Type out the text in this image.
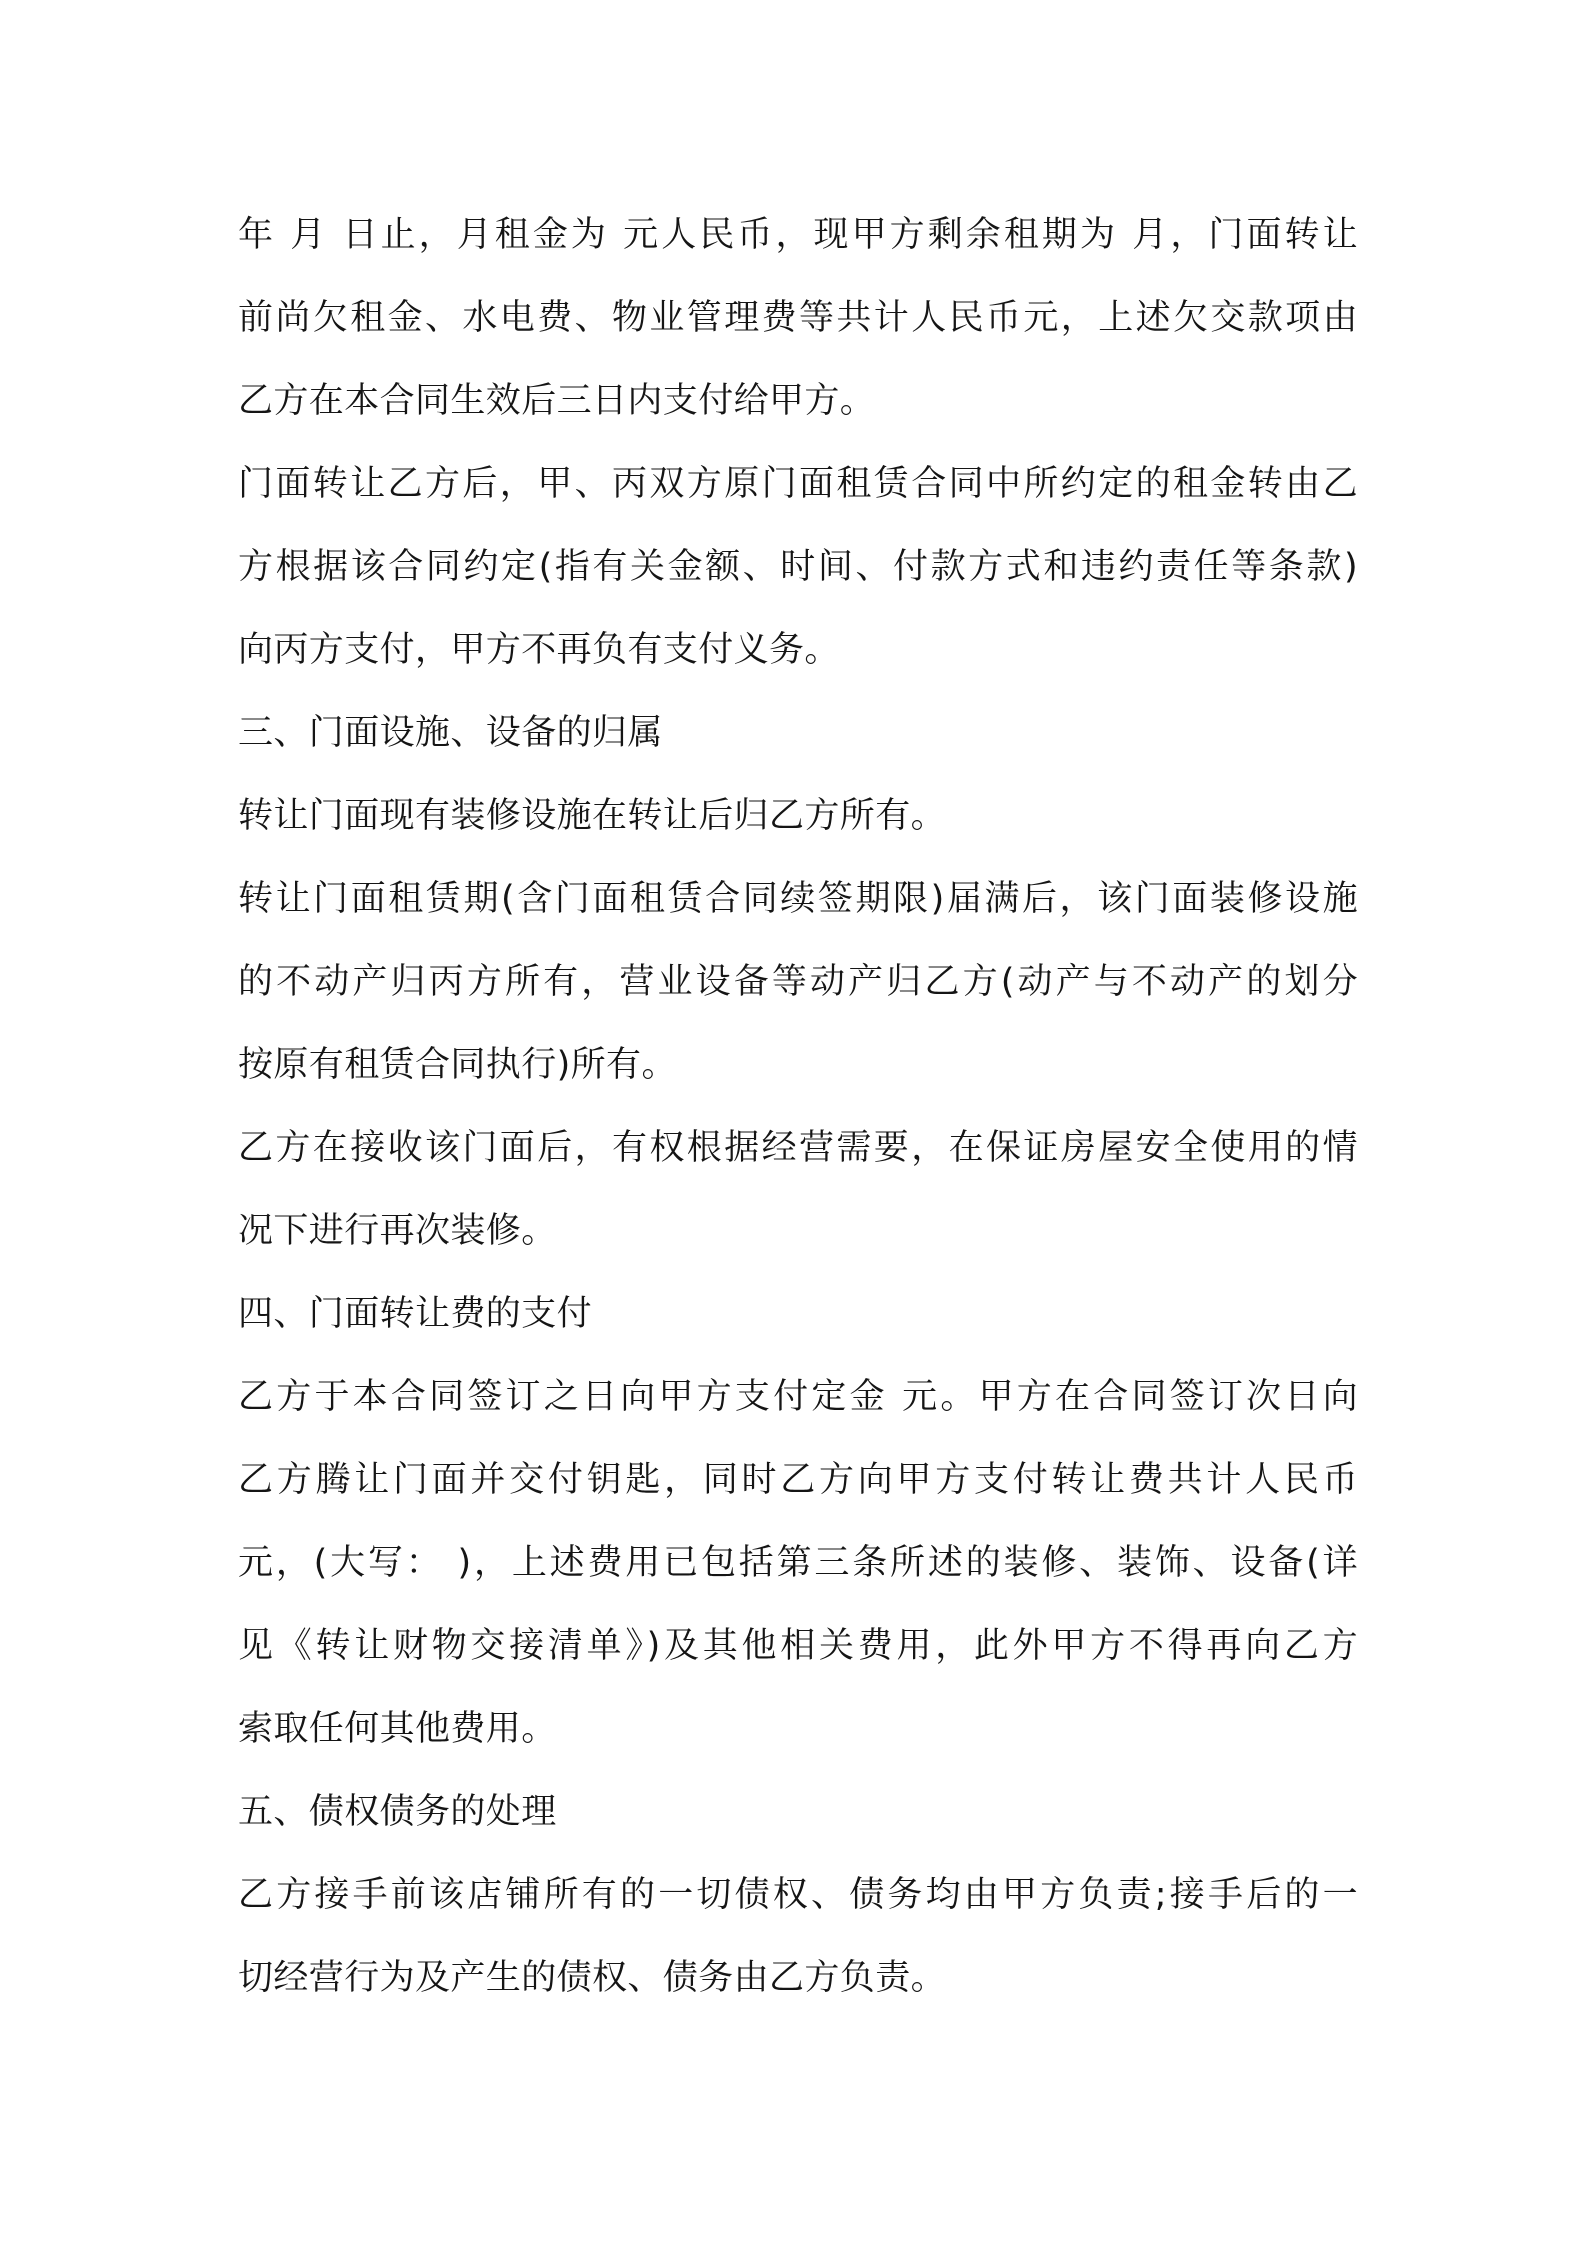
年 月 日止，月租金为 元人民币，现甲方剩余租期为 月，门面转让
前尚欠租金、水电费、物业管理费等共计人民币元，上述欠交款项由
乙方在本合同生效后三日内支付给甲方。
门面转让乙方后，甲、丙双方原门面租赁合同中所约定的租金转由乙
方根据该合同约定(指有关金额、时间、付款方式和违约责任等条款)
向丙方支付，甲方不再负有支付义务。
三、门面设施、设备的归属
转让门面现有装修设施在转让后归乙方所有。
转让门面租赁期(含门面租赁合同续签期限)届满后，该门面装修设施
的不动产归丙方所有，营业设备等动产归乙方(动产与不动产的划分
按原有租赁合同执行)所有。
乙方在接收该门面后，有权根据经营需要，在保证房屋安全使用的情
况下进行再次装修。
四、门面转让费的支付
乙方于本合同签订之日向甲方支付定金 元。甲方在合同签订次日向
乙方腾让门面并交付钥匙，同时乙方向甲方支付转让费共计人民币
元，(大写： )，上述费用已包括第三条所述的装修、装饰、设备(详
见《转让财物交接清单》)及其他相关费用，此外甲方不得再向乙方
索取任何其他费用。
五、债权债务的处理
乙方接手前该店铺所有的一切债权、债务均由甲方负责;接手后的一
切经营行为及产生的债权、债务由乙方负责。
